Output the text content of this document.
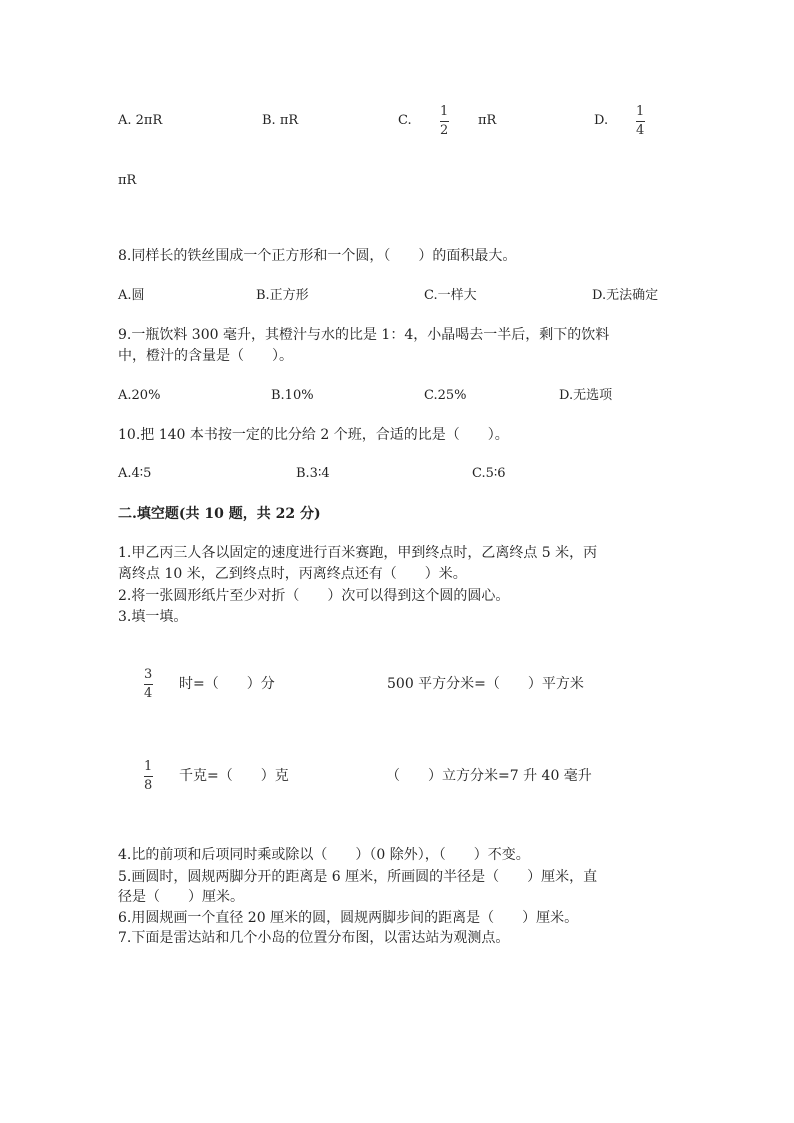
A. 2πR	B. πR	C.
1
2
πR	D.
1
4
πR
8.同样长的铁丝围成一个正方形和一个圆，（　　）的面积最大。
A.圆	B.正方形	C.一样大	D.无法确定
9.一瓶饮料 300 毫升，其橙汁与水的比是 1：4，小晶喝去一半后，剩下的饮料
中，橙汁的含量是（　　）。
A.20%	B.10%	C.25%	D.无选项
10.把 140 本书按一定的比分给 2 个班，合适的比是（　　）。
A.4∶5	B.3∶4	C.5∶6
二.填空题(共 10 题，共 22 分)
1.甲乙丙三人各以固定的速度进行百米赛跑，甲到终点时，乙离终点 5 米，丙
离终点 10 米，乙到终点时，丙离终点还有（　　）米。
2.将一张圆形纸片至少对折（　　）次可以得到这个圆的圆心。
3.填一填。
3
4
时=（　　）分	500 平方分米=（　　）平方米
1
8
千克=（　　）克	（　　）立方分米=7 升 40 毫升
4.比的前项和后项同时乘或除以（　　）（0 除外），（　　）不变。
5.画圆时，圆规两脚分开的距离是 6 厘米，所画圆的半径是（　　）厘米，直
径是（　　）厘米。
6.用圆规画一个直径 20 厘米的圆，圆规两脚步间的距离是（　　）厘米。
7.下面是雷达站和几个小岛的位置分布图，以雷达站为观测点。
